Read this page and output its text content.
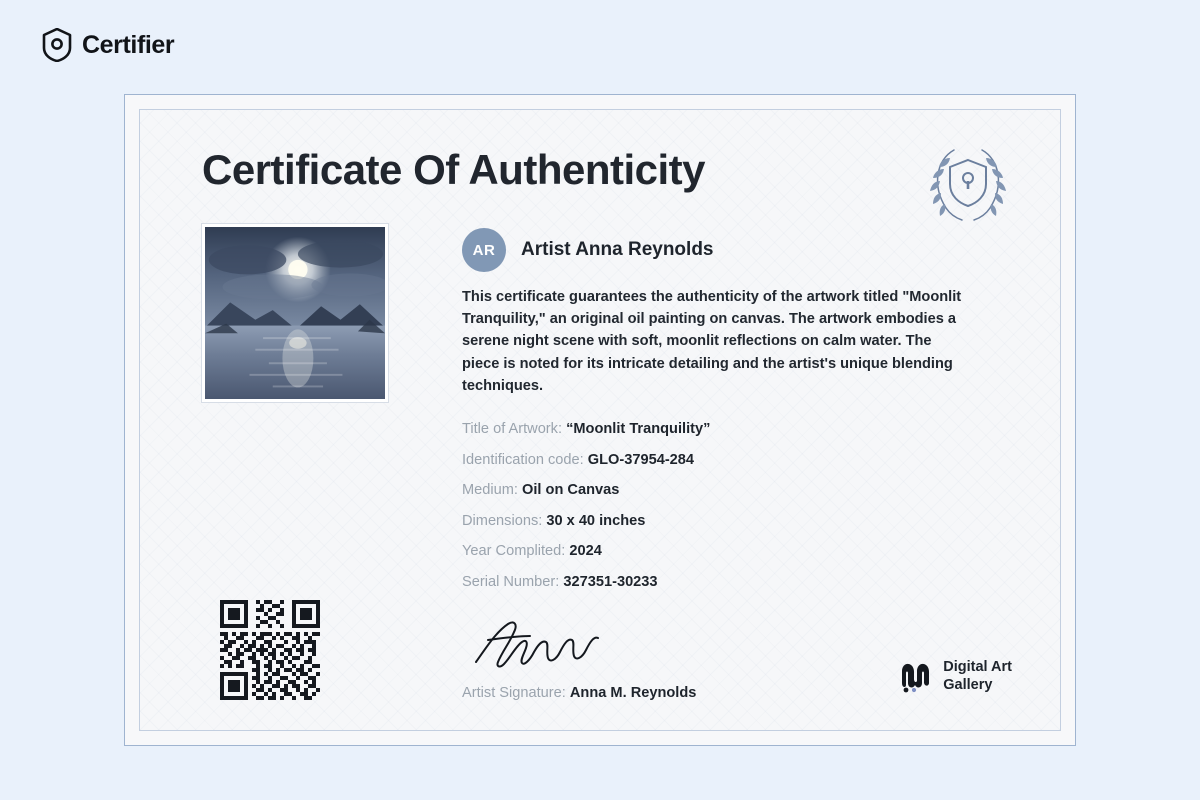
Certifier
Certificate Of Authenticity
AR	Artist Anna Reynolds
This certificate guarantees the authenticity of the artwork titled "Moonlit Tranquility," an original oil painting on canvas. The artwork embodies a serene night scene with soft, moonlit reflections on calm water. The piece is noted for its intricate detailing and the artist's unique blending techniques.
Title of Artwork: “Moonlit Tranquility”
Identification code: GLO-37954-284
Medium: Oil on Canvas
Dimensions: 30 x 40 inches
Year Complited: 2024
Serial Number: 327351-30233
Artist Signature: Anna M. Reynolds
Digital Art
Gallery
